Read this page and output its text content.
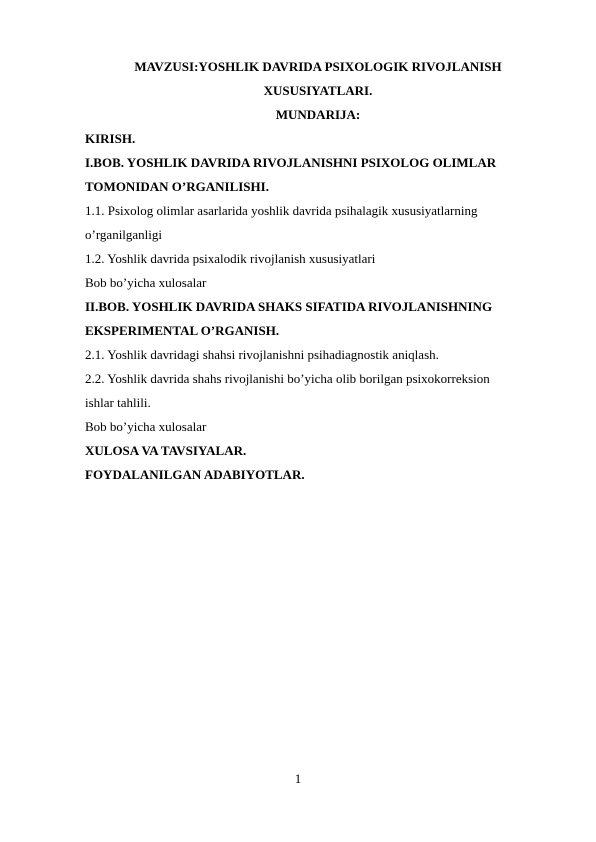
MAVZUSI:YOSHLIK DAVRIDA PSIXOLOGIK RIVOJLANISH
XUSUSIYATLARI.
MUNDARIJA:
KIRISH.
I.BOB. YOSHLIK DAVRIDA RIVOJLANISHNI PSIXOLOG OLIMLAR
TOMONIDAN O’RGANILISHI.
1.1. Psixolog olimlar asarlarida yoshlik davrida psihalagik xususiyatlarning
o’rganilganligi
1.2. Yoshlik davrida psixalodik rivojlanish xususiyatlari
Bob bo’yicha xulosalar
II.BOB. YOSHLIK DAVRIDA SHAKS SIFATIDA RIVOJLANISHNING
EKSPERIMENTAL O’RGANISH.
2.1. Yoshlik davridagi shahsi rivojlanishni psihadiagnostik aniqlash.
2.2. Yoshlik davrida shahs rivojlanishi bo’yicha olib borilgan psixokorreksion
ishlar tahlili.
Bob bo’yicha xulosalar
XULOSA VA TAVSIYALAR.
FOYDALANILGAN ADABIYOTLAR.
1
